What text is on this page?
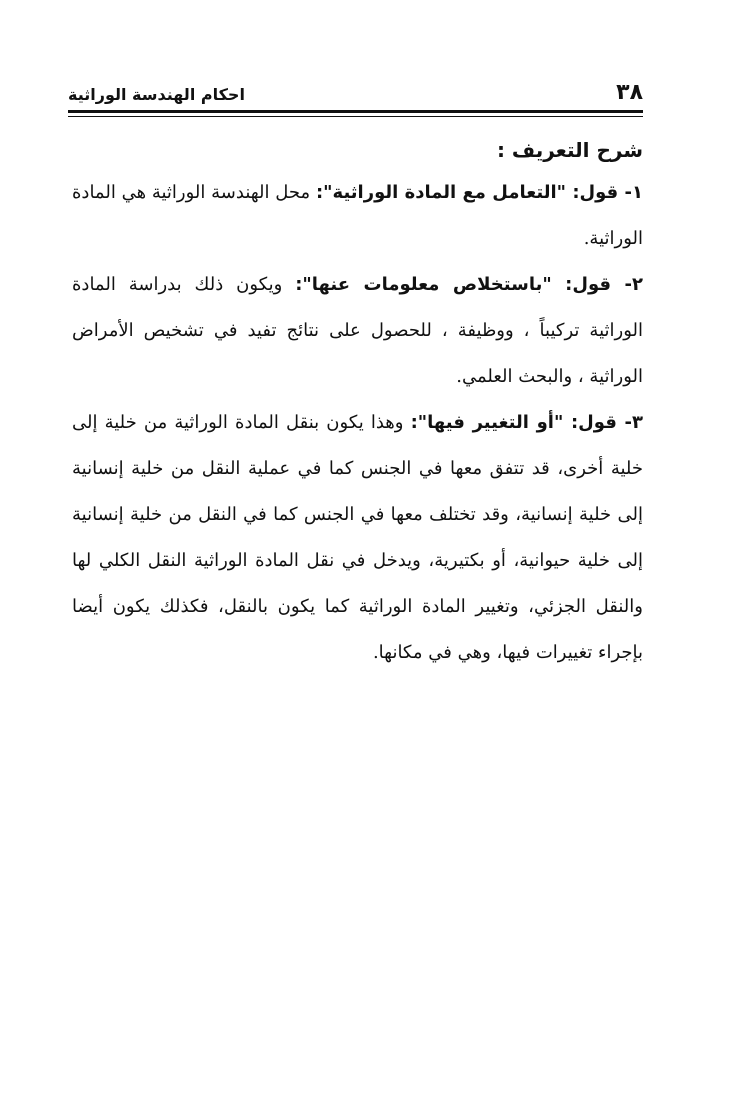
٣٨
احكام الهندسة الوراثية
شرح التعريف :

١- قول: "التعامل مع المادة الوراثية": محل الهندسة الوراثية هي المادة الوراثية.

٢- قول: "باستخلاص معلومات عنها": ويكون ذلك بدراسة المادة الوراثية تركيباً ، ووظيفة ، للحصول على نتائج تفيد في تشخيص الأمراض الوراثية ، والبحث العلمي.

٣- قول: "أو التغيير فيها": وهذا يكون بنقل المادة الوراثية من خلية إلى خلية أخرى، قد تتفق معها في الجنس كما في عملية النقل من خلية إنسانية إلى خلية إنسانية، وقد تختلف معها في الجنس كما في النقل من خلية إنسانية إلى خلية حيوانية، أو بكتيرية، ويدخل في نقل المادة الوراثية النقل الكلي لها والنقل الجزئي، وتغيير المادة الوراثية كما يكون بالنقل، فكذلك يكون أيضا بإجراء تغييرات فيها، وهي في مكانها.
